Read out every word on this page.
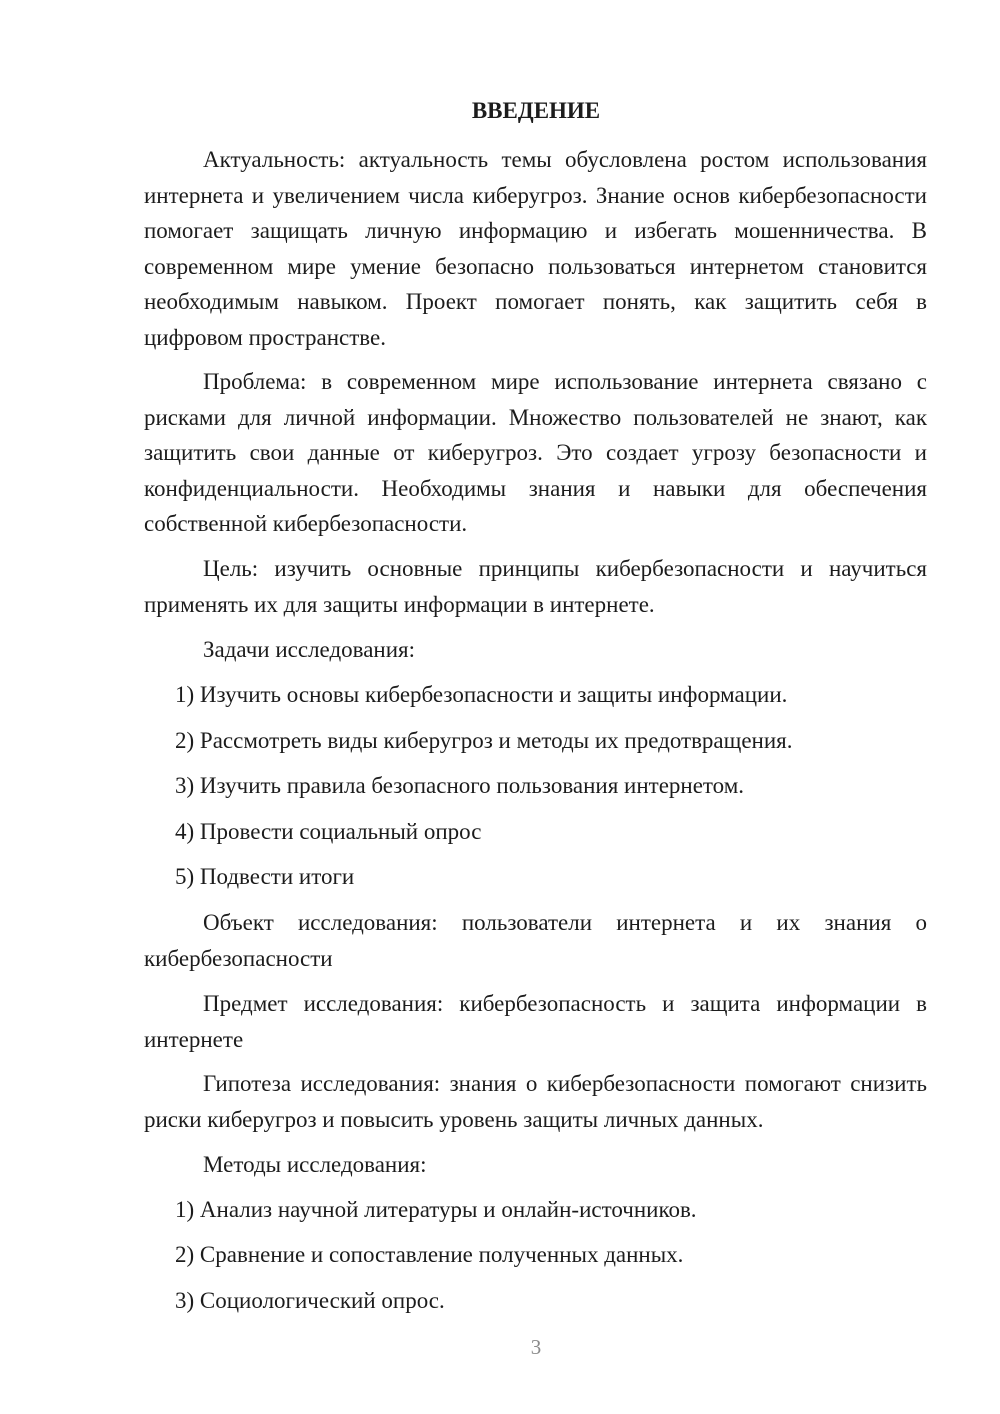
ВВЕДЕНИЕ

Актуальность: актуальность темы обусловлена ростом использования интернета и увеличением числа киберугроз. Знание основ кибербезопасности помогает защищать личную информацию и избегать мошенничества. В современном мире умение безопасно пользоваться интернетом становится необходимым навыком. Проект помогает понять, как защитить себя в цифровом пространстве.

Проблема: в современном мире использование интернета связано с рисками для личной информации. Множество пользователей не знают, как защитить свои данные от киберугроз. Это создает угрозу безопасности и конфиденциальности. Необходимы знания и навыки для обеспечения собственной кибербезопасности.

Цель: изучить основные принципы кибербезопасности и научиться применять их для защиты информации в интернете.

Задачи исследования:

1) Изучить основы кибербезопасности и защиты информации.
2) Рассмотреть виды киберугроз и методы их предотвращения.
3) Изучить правила безопасного пользования интернетом.
4) Провести социальный опрос
5) Подвести итоги

Объект исследования: пользователи интернета и их знания о кибербезопасности

Предмет исследования: кибербезопасность и защита информации в интернете

Гипотеза исследования: знания о кибербезопасности помогают снизить риски киберугроз и повысить уровень защиты личных данных.

Методы исследования:

1) Анализ научной литературы и онлайн-источников.
2) Сравнение и сопоставление полученных данных.
3) Социологический опрос.
3
